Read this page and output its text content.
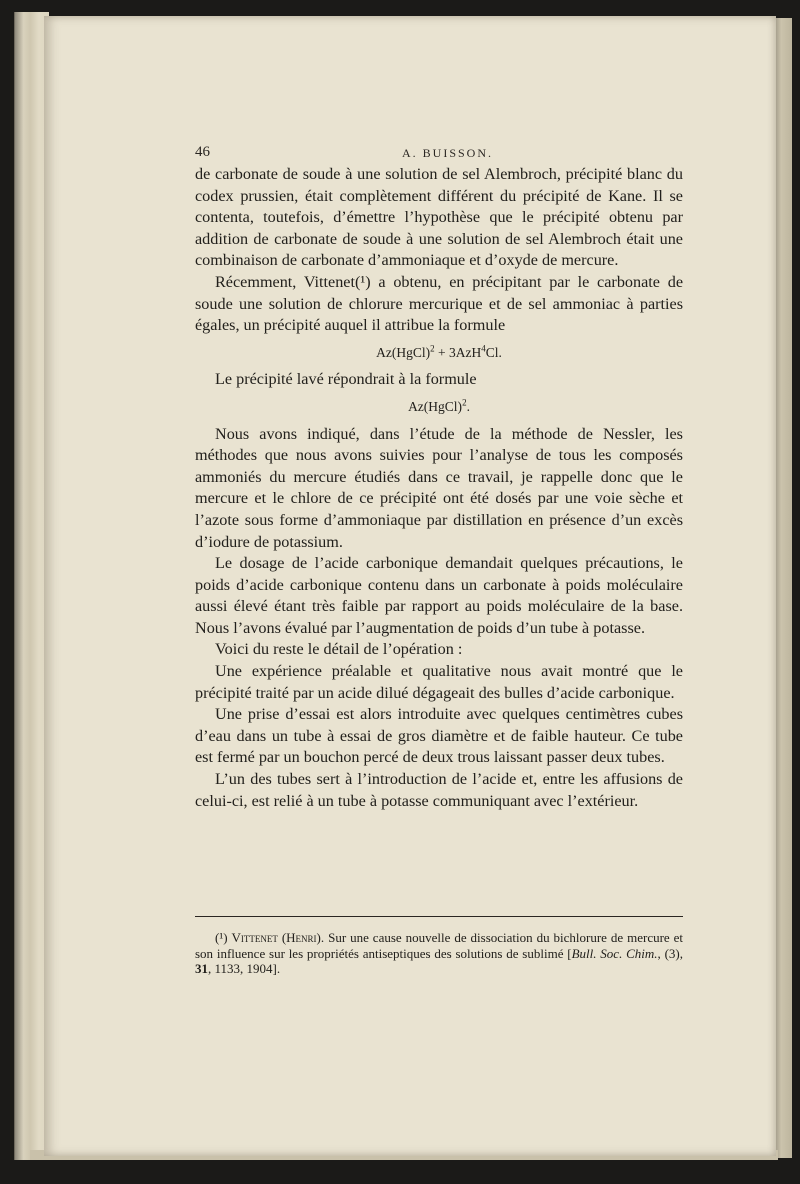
46	A. BUISSON.

de carbonate de soude à une solution de sel Alembroch, précipité blanc du codex prussien, était complètement différent du précipité de Kane. Il se contenta, toutefois, d’émettre l’hypothèse que le précipité obtenu par addition de carbonate de soude à une solution de sel Alembroch était une combinaison de carbonate d’ammoniaque et d’oxyde de mercure.

Récemment, Vittenet(¹) a obtenu, en précipitant par le carbonate de soude une solution de chlorure mercurique et de sel ammoniac à parties égales, un précipité auquel il attribue la formule

Az(HgCl)$^2$ + 3AzH$^4$Cl.

Le précipité lavé répondrait à la formule

Az(HgCl)$^2$.

Nous avons indiqué, dans l’étude de la méthode de Nessler, les méthodes que nous avons suivies pour l’analyse de tous les composés ammoniés du mercure étudiés dans ce travail, je rappelle donc que le mercure et le chlore de ce précipité ont été dosés par une voie sèche et l’azote sous forme d’ammoniaque par distillation en présence d’un excès d’iodure de potassium.

Le dosage de l’acide carbonique demandait quelques précautions, le poids d’acide carbonique contenu dans un carbonate à poids moléculaire aussi élevé étant très faible par rapport au poids moléculaire de la base. Nous l’avons évalué par l’augmentation de poids d’un tube à potasse.

Voici du reste le détail de l’opération :

Une expérience préalable et qualitative nous avait montré que le précipité traité par un acide dilué dégageait des bulles d’acide carbonique.

Une prise d’essai est alors introduite avec quelques centimètres cubes d’eau dans un tube à essai de gros diamètre et de faible hauteur. Ce tube est fermé par un bouchon percé de deux trous laissant passer deux tubes.

L’un des tubes sert à l’introduction de l’acide et, entre les affusions de celui-ci, est relié à un tube à potasse communiquant avec l’extérieur.

(¹) Vittenet (Henri). Sur une cause nouvelle de dissociation du bichlorure de mercure et son influence sur les propriétés antiseptiques des solutions de sublimé [Bull. Soc. Chim., (3), 31, 1133, 1904].
